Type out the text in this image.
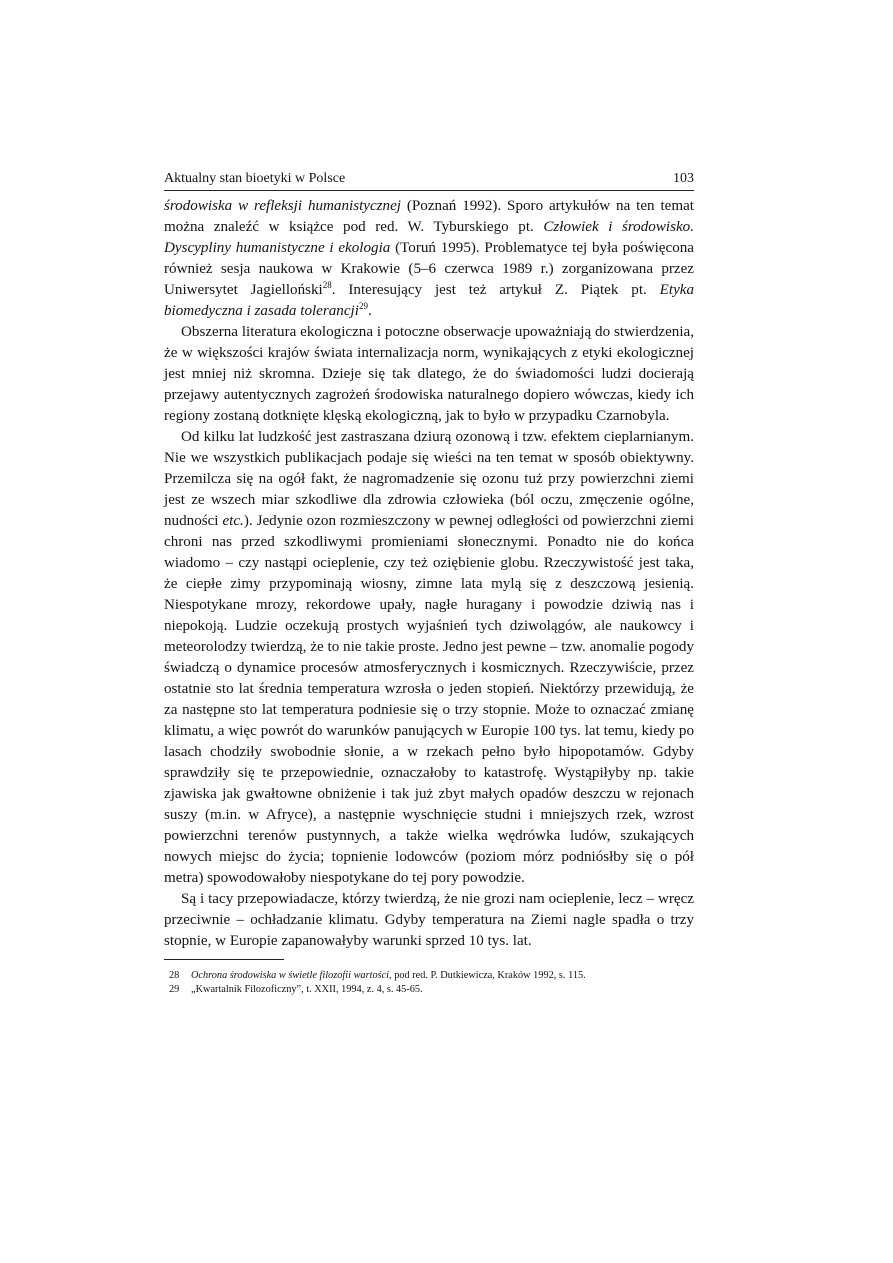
Aktualny stan bioetyki w Polsce	103

środowiska w refleksji humanistycznej (Poznań 1992). Sporo artykułów na ten temat można znaleźć w książce pod red. W. Tyburskiego pt. Człowiek i środowisko. Dyscypliny humanistyczne i ekologia (Toruń 1995). Problematyce tej była poświęcona również sesja naukowa w Krakowie (5–6 czerwca 1989 r.) zorganizowana przez Uniwersytet Jagielloński$^{28}$. Interesujący jest też artykuł Z. Piątek pt. Etyka biomedyczna i zasada tolerancji$^{29}$.

Obszerna literatura ekologiczna i potoczne obserwacje upoważniają do stwierdzenia, że w większości krajów świata internalizacja norm, wynikających z etyki ekologicznej jest mniej niż skromna. Dzieje się tak dlatego, że do świadomości ludzi docierają przejawy autentycznych zagrożeń środowiska naturalnego dopiero wówczas, kiedy ich regiony zostaną dotknięte klęską ekologiczną, jak to było w przypadku Czarnobyla.

Od kilku lat ludzkość jest zastraszana dziurą ozonową i tzw. efektem cieplarnianym. Nie we wszystkich publikacjach podaje się wieści na ten temat w sposób obiektywny. Przemilcza się na ogół fakt, że nagromadzenie się ozonu tuż przy powierzchni ziemi jest ze wszech miar szkodliwe dla zdrowia człowieka (ból oczu, zmęczenie ogólne, nudności etc.). Jedynie ozon rozmieszczony w pewnej odległości od powierzchni ziemi chroni nas przed szkodliwymi promieniami słonecznymi. Ponadto nie do końca wiadomo – czy nastąpi ocieplenie, czy też oziębienie globu. Rzeczywistość jest taka, że ciepłe zimy przypominają wiosny, zimne lata mylą się z deszczową jesienią. Niespotykane mrozy, rekordowe upały, nagłe huragany i powodzie dziwią nas i niepokoją. Ludzie oczekują prostych wyjaśnień tych dziwolągów, ale naukowcy i meteorolodzy twierdzą, że to nie takie proste. Jedno jest pewne – tzw. anomalie pogody świadczą o dynamice procesów atmosferycznych i kosmicznych. Rzeczywiście, przez ostatnie sto lat średnia temperatura wzrosła o jeden stopień. Niektórzy przewidują, że za następne sto lat temperatura podniesie się o trzy stopnie. Może to oznaczać zmianę klimatu, a więc powrót do warunków panujących w Europie 100 tys. lat temu, kiedy po lasach chodziły swobodnie słonie, a w rzekach pełno było hipopotamów. Gdyby sprawdziły się te przepowiednie, oznaczałoby to katastrofę. Wystąpiłyby np. takie zjawiska jak gwałtowne obniżenie i tak już zbyt małych opadów deszczu w rejonach suszy (m.in. w Afryce), a następnie wyschnięcie studni i mniejszych rzek, wzrost powierzchni terenów pustynnych, a także wielka wędrówka ludów, szukających nowych miejsc do życia; topnienie lodowców (poziom mórz podniósłby się o pół metra) spowodowałoby niespotykane do tej pory powodzie.

Są i tacy przepowiadacze, którzy twierdzą, że nie grozi nam ocieplenie, lecz – wręcz przeciwnie – ochładzanie klimatu. Gdyby temperatura na Ziemi nagle spadła o trzy stopnie, w Europie zapanowałyby warunki sprzed 10 tys. lat.

28	Ochrona środowiska w świetle filozofii wartości, pod red. P. Dutkiewicza, Kraków 1992, s. 115.
29	„Kwartalnik Filozoficzny”, t. XXII, 1994, z. 4, s. 45-65.
